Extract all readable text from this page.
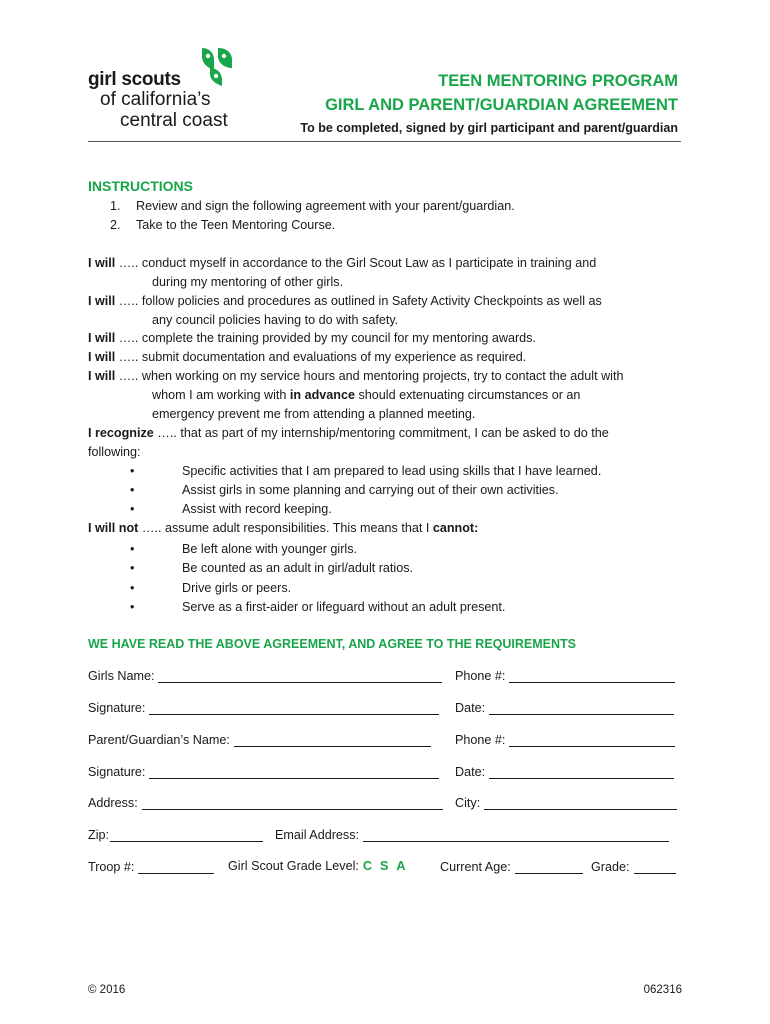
girl scouts
of california’s
central coast
TEEN MENTORING PROGRAM
GIRL AND PARENT/GUARDIAN AGREEMENT
To be completed, signed by girl participant and parent/guardian
INSTRUCTIONS
1. Review and sign the following agreement with your parent/guardian.
2. Take to the Teen Mentoring Course.
I will ….. conduct myself in accordance to the Girl Scout Law as I participate in training and
during my mentoring of other girls.
I will ….. follow policies and procedures as outlined in Safety Activity Checkpoints as well as
any council policies having to do with safety.
I will ….. complete the training provided by my council for my mentoring awards.
I will ….. submit documentation and evaluations of my experience as required.
I will ….. when working on my service hours and mentoring projects, try to contact the adult with
whom I am working with in advance should extenuating circumstances or an
emergency prevent me from attending a planned meeting.
I recognize ….. that as part of my internship/mentoring commitment, I can be asked to do the
following:
•	Specific activities that I am prepared to lead using skills that I have learned.
•	Assist girls in some planning and carrying out of their own activities.
•	Assist with record keeping.
I will not ….. assume adult responsibilities. This means that I cannot:
•	Be left alone with younger girls.
•	Be counted as an adult in girl/adult ratios.
•	Drive girls or peers.
•	Serve as a first-aider or lifeguard without an adult present.
WE HAVE READ THE ABOVE AGREEMENT, AND AGREE TO THE REQUIREMENTS
Girls Name:	Phone #:
Signature:	Date:
Parent/Guardian’s Name:	Phone #:
Signature:	Date:
Address:	City:
Zip:	Email Address:
Troop #:	Girl Scout Grade Level: C S A	Current Age:	Grade:
© 2016	062316
